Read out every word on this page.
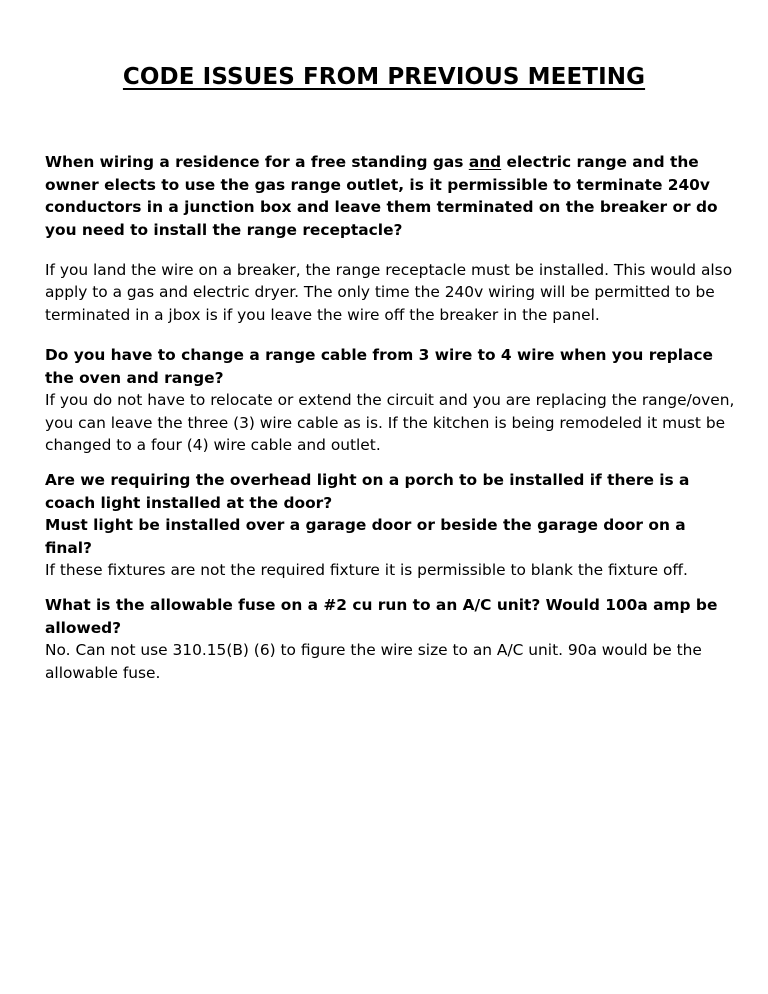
CODE ISSUES FROM PREVIOUS MEETING
When wiring a residence for a free standing gas and electric range and the owner elects to use the gas range outlet, is it permissible to terminate 240v conductors in a junction box and leave them terminated on the breaker or do you need to install the range receptacle?
If you land the wire on a breaker, the range receptacle must be installed. This would also apply to a gas and electric dryer. The only time the 240v wiring will be permitted to be terminated in a jbox is if you leave the wire off the breaker in the panel.
Do you have to change a range cable from 3 wire to 4 wire when you replace the oven and range?
If you do not have to relocate or extend the circuit and you are replacing the range/oven, you can leave the three (3) wire cable as is. If the kitchen is being remodeled it must be changed to a four (4) wire cable and outlet.
Are we requiring the overhead light on a porch to be installed if there is a coach light installed at the door?
Must light be installed over a garage door or beside the garage door on a final?
If these fixtures are not the required fixture it is permissible to blank the fixture off.
What is the allowable fuse on a #2 cu run to an A/C unit? Would 100a amp be allowed?
No. Can not use 310.15(B) (6) to figure the wire size to an A/C unit. 90a would be the allowable fuse.
